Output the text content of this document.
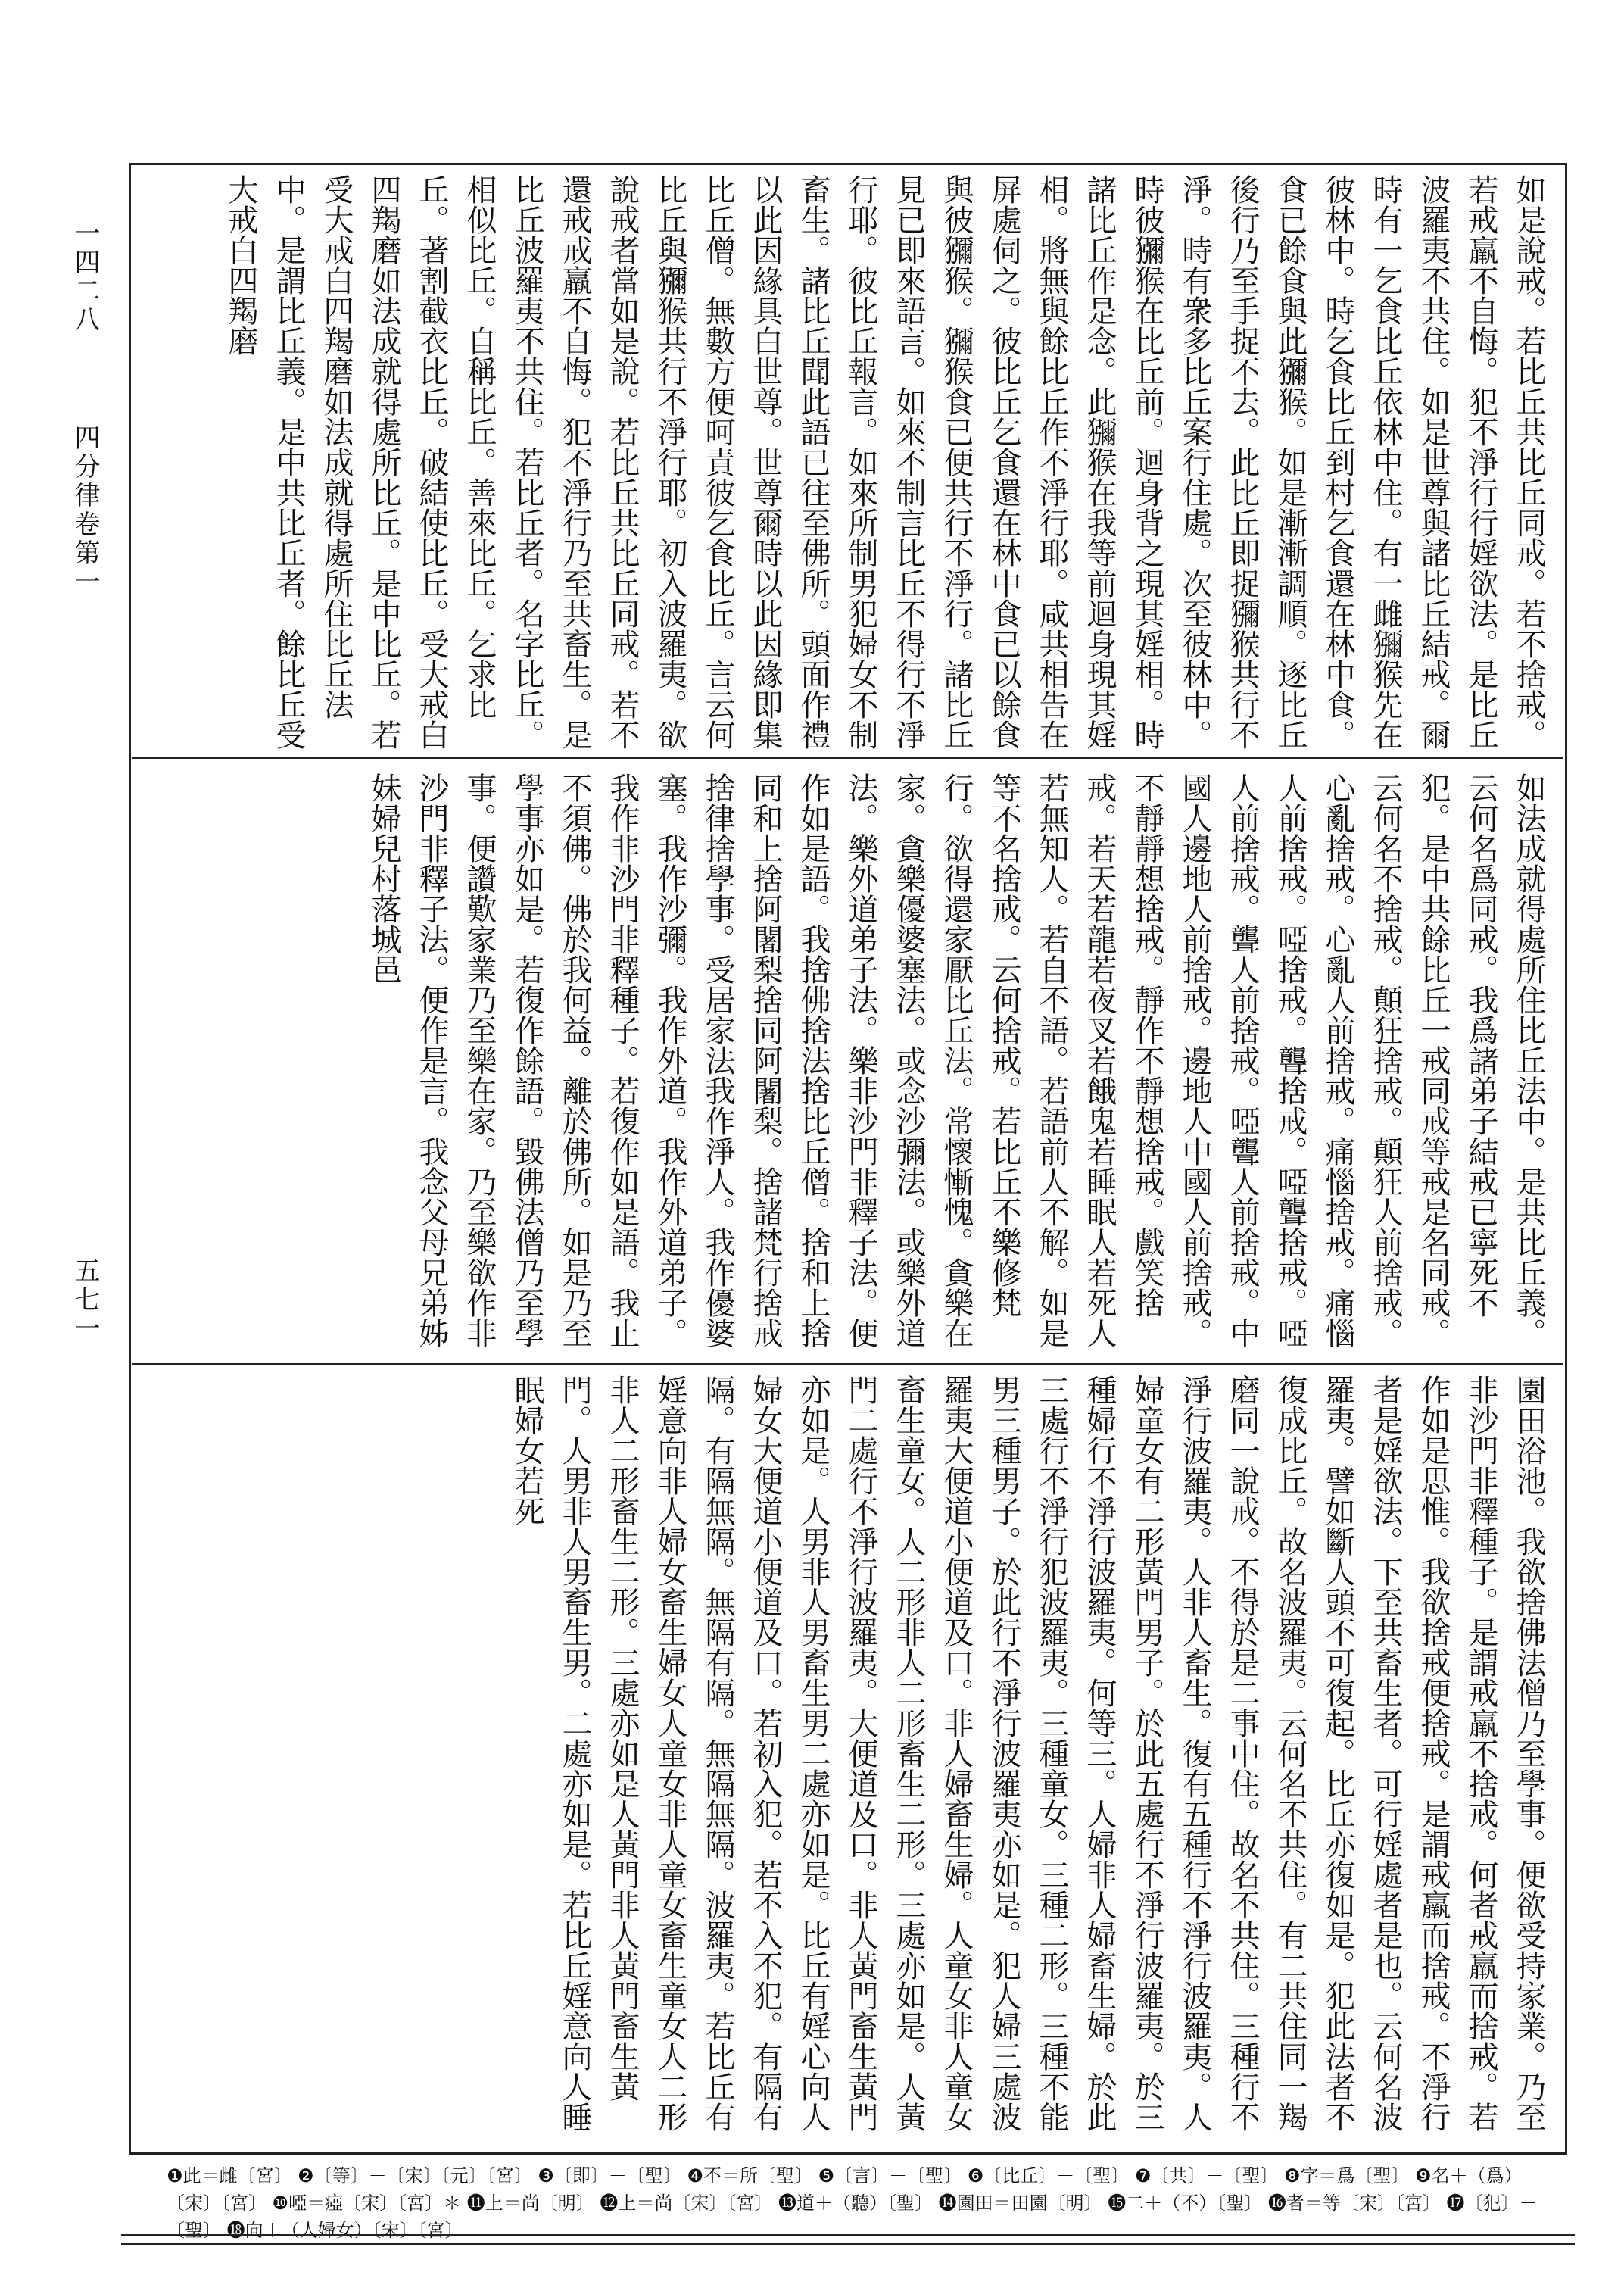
一四二八
四分律卷第一
五七一

如是說戒。若比丘共比丘同戒。若不捨戒。若戒羸不自悔。犯不淨行行婬欲法。是比丘波羅夷不共住。如是世尊與諸比丘結戒。爾時有一乞食比丘依林中住。有一雌獼猴先在彼林中。時乞食比丘到村乞食還在林中食。食已餘食與此獼猴。如是漸漸調順。逐比丘後行乃至手捉不去。此比丘即捉獼猴共行不淨。時有衆多比丘案行住處。次至彼林中。時彼獼猴在比丘前。迴身背之現其婬相。時諸比丘作是念。此獼猴在我等前迴身現其婬相。將無與餘比丘作不淨行耶。咸共相告在屏處伺之。彼比丘乞食還在林中食已以餘食與彼獼猴。獼猴食已便共行不淨行。諸比丘見已即來語言。如來不制言比丘不得行不淨行耶。彼比丘報言。如來所制男犯婦女不制畜生。諸比丘聞此語已往至佛所。頭面作禮以此因緣具白世尊。世尊爾時以此因緣即集比丘僧。無數方便呵責彼乞食比丘。言云何比丘與獼猴共行不淨行耶。初入波羅夷。欲說戒者當如是說。若比丘共比丘同戒。若不還戒戒羸不自悔。犯不淨行乃至共畜生。是比丘波羅夷不共住。若比丘者。名字比丘。相似比丘。自稱比丘。善來比丘。乞求比丘。著割截衣比丘。破結使比丘。受大戒白四羯磨如法成就得處所比丘。是中比丘。若受大戒白四羯磨如法成就得處所住比丘法中。是謂比丘義。是中共比丘者。餘比丘受大戒白四羯磨

如法成就得處所住比丘法中。是共比丘義。云何名爲同戒。我爲諸弟子結戒已寧死不犯。是中共餘比丘一戒同戒等戒是名同戒。云何名不捨戒。顛狂捨戒。顛狂人前捨戒。心亂捨戒。心亂人前捨戒。痛惱捨戒。痛惱人前捨戒。啞捨戒。聾捨戒。啞聾捨戒。啞人前捨戒。聾人前捨戒。啞聾人前捨戒。中國人邊地人前捨戒。邊地人中國人前捨戒。不靜靜想捨戒。靜作不靜想捨戒。戲笑捨戒。若天若龍若夜叉若餓鬼若睡眠人若死人若無知人。若自不語。若語前人不解。如是等不名捨戒。云何捨戒。若比丘不樂修梵行。欲得還家厭比丘法。常懷慚愧。貪樂在家。貪樂優婆塞法。或念沙彌法。或樂外道法。樂外道弟子法。樂非沙門非釋子法。便作如是語。我捨佛捨法捨比丘僧。捨和上捨同和上捨阿闍梨捨同阿闍梨。捨諸梵行捨戒捨律捨學事。受居家法我作淨人。我作優婆塞。我作沙彌。我作外道。我作外道弟子。我作非沙門非釋種子。若復作如是語。我止不須佛。佛於我何益。離於佛所。如是乃至學事亦如是。若復作餘語。毀佛法僧乃至學事。便讚歎家業乃至樂在家。乃至樂欲作非沙門非釋子法。便作是言。我念父母兄弟姊妹婦兒村落城邑

園田浴池。我欲捨佛法僧乃至學事。便欲受持家業。乃至非沙門非釋種子。是謂戒羸不捨戒。何者戒羸而捨戒。若作如是思惟。我欲捨戒便捨戒。是謂戒羸而捨戒。不淨行者是婬欲法。下至共畜生者。可行婬處者是也。云何名波羅夷。譬如斷人頭不可復起。比丘亦復如是。犯此法者不復成比丘。故名波羅夷。云何名不共住。有二共住同一羯磨同一說戒。不得於是二事中住。故名不共住。三種行不淨行波羅夷。人非人畜生。復有五種行不淨行波羅夷。人婦童女有二形黃門男子。於此五處行不淨行波羅夷。於三種婦行不淨行波羅夷。何等三。人婦非人婦畜生婦。於此三處行不淨行犯波羅夷。三種童女。三種二形。三種不能男三種男子。於此行不淨行波羅夷亦如是。犯人婦三處波羅夷大便道小便道及口。非人婦畜生婦。人童女非人童女畜生童女。人二形非人二形畜生二形。三處亦如是。人黃門二處行不淨行波羅夷。大便道及口。非人黃門畜生黃門亦如是。人男非人男畜生男二處亦如是。比丘有婬心向人婦女大便道小便道及口。若初入犯。若不入不犯。有隔有隔。有隔無隔。無隔有隔。無隔無隔。波羅夷。若比丘有婬意向非人婦女畜生婦女人童女非人童女畜生童女人二形非人二形畜生二形。三處亦如是人黃門非人黃門畜生黃門。人男非人男畜生男。二處亦如是。若比丘婬意向人睡眠婦女若死

❶此＝雌〔宮〕 ❷〔等〕－〔宋〕〔元〕〔宮〕 ❸〔即〕－〔聖〕 ❹不＝所〔聖〕 ❺〔言〕－〔聖〕 ❻〔比丘〕－〔聖〕 ❼〔共〕－〔聖〕 ❽字＝爲〔聖〕 ❾名＋（爲）〔宋〕〔宮〕 ❿啞＝瘂〔宋〕〔宮〕＊ ⓫上＝尚〔明〕 ⓬上＝尚〔宋〕〔宮〕 ⓭道＋（聽）〔聖〕 ⓮園田＝田園〔明〕 ⓯二＋（不）〔聖〕 ⓰者＝等〔宋〕〔宮〕 ⓱〔犯〕－〔聖〕 ⓲向＋（人婦女）〔宋〕〔宮〕
